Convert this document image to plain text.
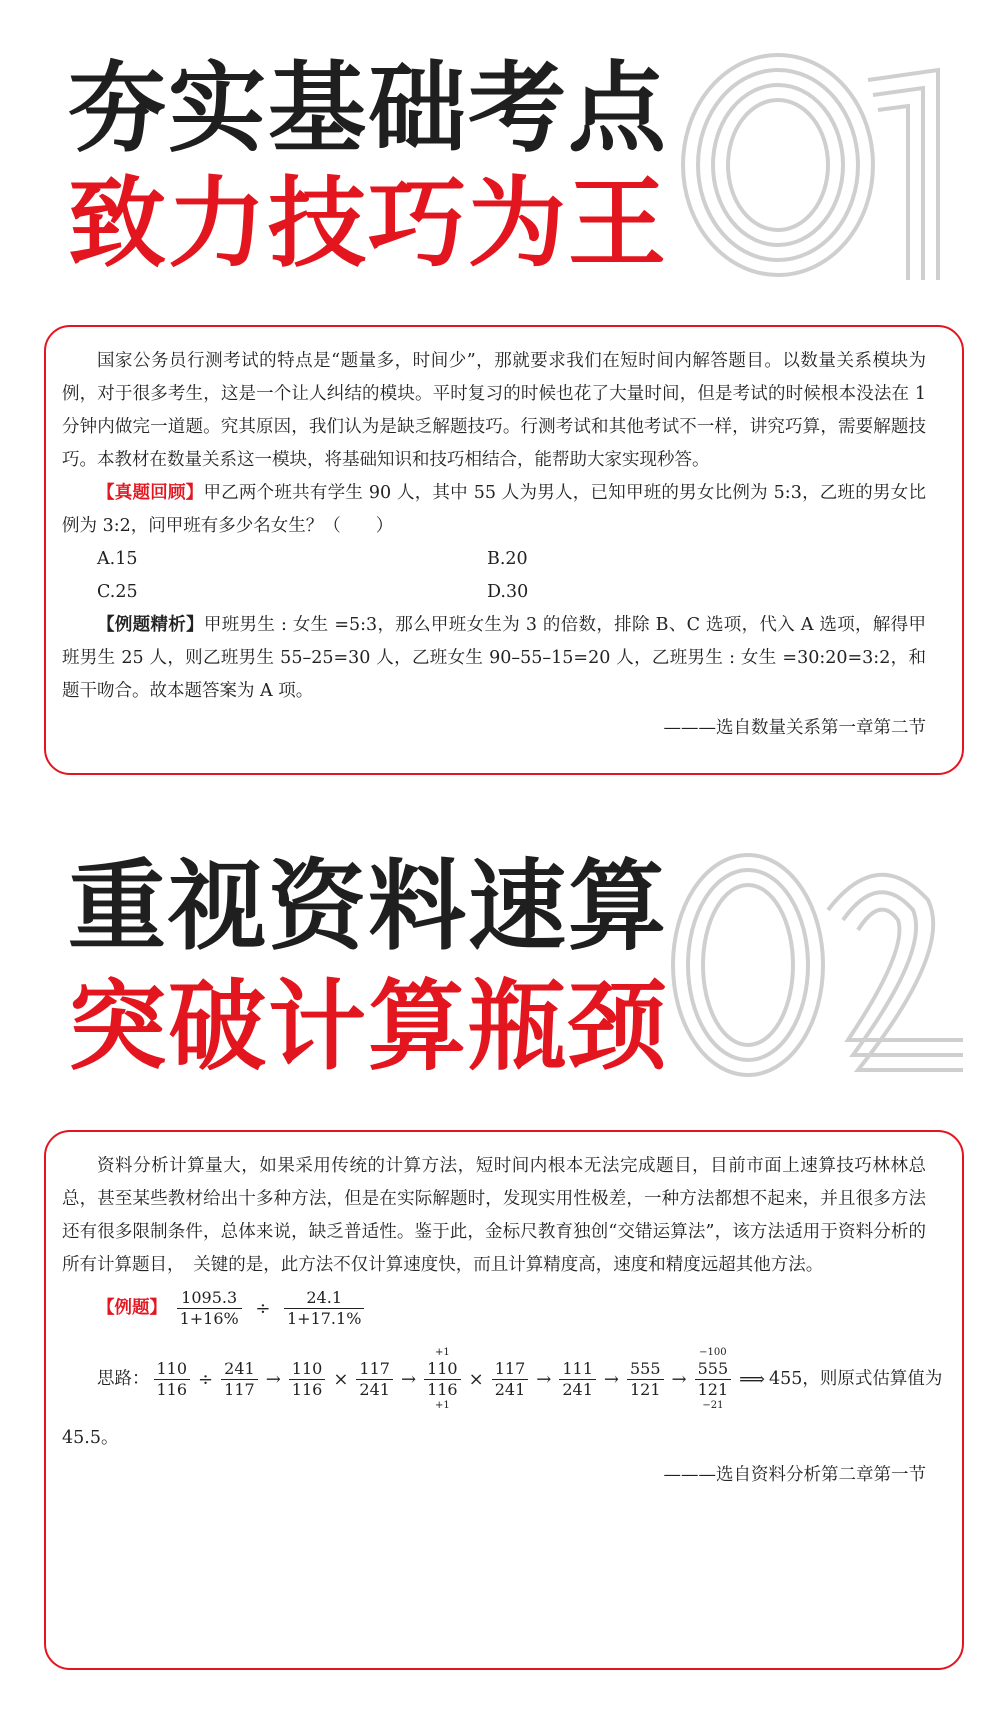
夯实基础考点
致力技巧为王

国家公务员行测考试的特点是“题量多，时间少”，那就要求我们在短时间内解答题目。以数量关系模块为例，对于很多考生，这是一个让人纠结的模块。平时复习的时候也花了大量时间，但是考试的时候根本没法在 1 分钟内做完一道题。究其原因，我们认为是缺乏解题技巧。行测考试和其他考试不一样，讲究巧算，需要解题技巧。本教材在数量关系这一模块，将基础知识和技巧相结合，能帮助大家实现秒答。

【真题回顾】甲乙两个班共有学生 90 人，其中 55 人为男人，已知甲班的男女比例为 5:3，乙班的男女比例为 3:2，问甲班有多少名女生？（　　）

A.15	B.20
C.25	D.30

【例题精析】甲班男生 : 女生 =5:3，那么甲班女生为 3 的倍数，排除 B、C 选项，代入 A 选项，解得甲班男生 25 人，则乙班男生 55–25=30 人，乙班女生 90–55–15=20 人，乙班男生 : 女生 =30:20=3:2，和题干吻合。故本题答案为 A 项。

———选自数量关系第一章第二节
重视资料速算
突破计算瓶颈

资料分析计算量大，如果采用传统的计算方法，短时间内根本无法完成题目，目前市面上速算技巧林林总总，甚至某些教材给出十多种方法，但是在实际解题时，发现实用性极差，一种方法都想不起来，并且很多方法还有很多限制条件，总体来说，缺乏普适性。鉴于此，金标尺教育独创“交错运算法”，该方法适用于资料分析的所有计算题目，　关键的是，此方法不仅计算速度快，而且计算精度高，速度和精度远超其他方法。

【例题】 $\frac{1095.3}{1+16\%} \div \frac{24.1}{1+17.1\%}$
思路： $\frac{110}{116} \div \frac{241}{117} \to \frac{110}{116} \times \frac{117}{241}$ →
+1
110
116
+1
× $\frac{117}{241} \to \frac{111}{241} \to \frac{555}{121}$ →
−100
555
121
−21
⟹ 455，则原式估算值为
45.5。
———选自资料分析第二章第一节
